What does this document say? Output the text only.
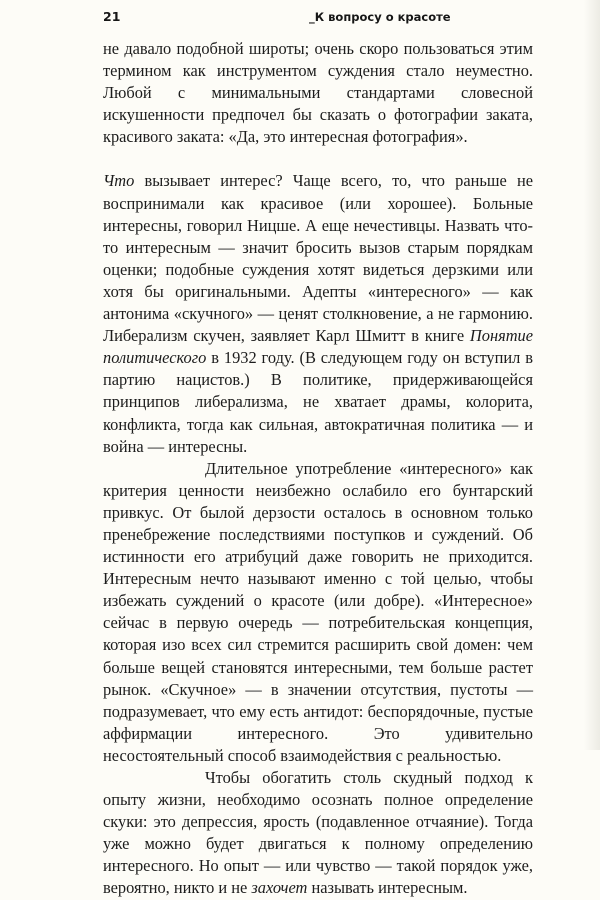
21	_К вопросу о красоте

не давало подобной широты; очень скоро пользоваться этим термином как инструментом суждения стало неуместно. Любой с минимальными стандартами словесной искушенности предпочел бы сказать о фотографии заката, красивого заката: «Да, это интересная фотография».

Что вызывает интерес? Чаще всего, то, что раньше не воспринимали как красивое (или хорошее). Больные интересны, говорил Ницше. А еще нечестивцы. Назвать что-то интересным — значит бросить вызов старым порядкам оценки; подобные суждения хотят видеться дерзкими или хотя бы оригинальными. Адепты «интересного» — как антонима «скучного» — ценят столкновение, а не гармонию. Либерализм скучен, заявляет Карл Шмитт в книге Понятие политического в 1932 году. (В следующем году он вступил в партию нацистов.) В политике, придерживающейся принципов либерализма, не хватает драмы, колорита, конфликта, тогда как сильная, автократичная политика — и война — интересны.

Длительное употребление «интересного» как критерия ценности неизбежно ослабило его бунтарский привкус. От былой дерзости осталось в основном только пренебрежение последствиями поступков и суждений. Об истинности его атрибуций даже говорить не приходится. Интересным нечто называют именно с той целью, чтобы избежать суждений о красоте (или добре). «Интересное» сейчас в первую очередь — потребительская концепция, которая изо всех сил стремится расширить свой домен: чем больше вещей становятся интересными, тем больше растет рынок. «Скучное» — в значении отсутствия, пустоты — подразумевает, что ему есть антидот: беспорядочные, пустые аффирмации интересного. Это удивительно несостоятельный способ взаимодействия с реальностью.

Чтобы обогатить столь скудный подход к опыту жизни, необходимо осознать полное определение скуки: это депрессия, ярость (подавленное отчаяние). Тогда уже можно будет двигаться к полному определению интересного. Но опыт — или чувство — такой порядок уже, вероятно, никто и не захочет называть интересным.
